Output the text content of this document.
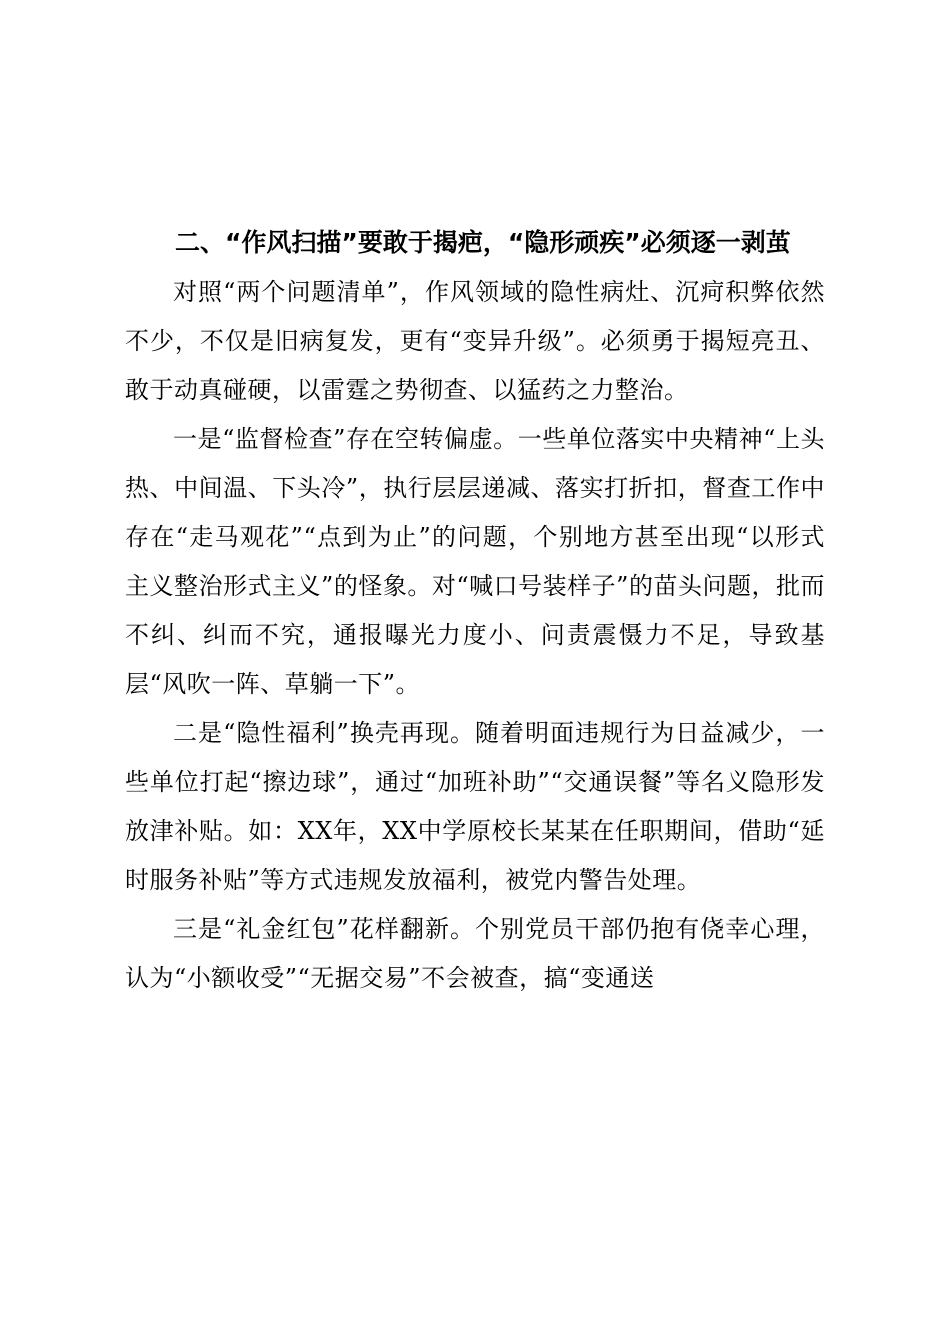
二、“作风扫描”要敢于揭疤，“隐形顽疾”必须逐一剥茧

对照“两个问题清单”，作风领域的隐性病灶、沉疴积弊依然不少，不仅是旧病复发，更有“变异升级”。必须勇于揭短亮丑、敢于动真碰硬，以雷霆之势彻查、以猛药之力整治。

一是“监督检查”存在空转偏虚。一些单位落实中央精神“上头热、中间温、下头冷”，执行层层递减、落实打折扣，督查工作中存在“走马观花”“点到为止”的问题，个别地方甚至出现“以形式主义整治形式主义”的怪象。对“喊口号装样子”的苗头问题，批而不纠、纠而不究，通报曝光力度小、问责震慑力不足，导致基层“风吹一阵、草躺一下”。

二是“隐性福利”换壳再现。随着明面违规行为日益减少，一些单位打起“擦边球”，通过“加班补助”“交通误餐”等名义隐形发放津补贴。如：XX年，XX中学原校长某某在任职期间，借助“延时服务补贴”等方式违规发放福利，被党内警告处理。

三是“礼金红包”花样翻新。个别党员干部仍抱有侥幸心理，认为“小额收受”“无据交易”不会被查，搞“变通送
